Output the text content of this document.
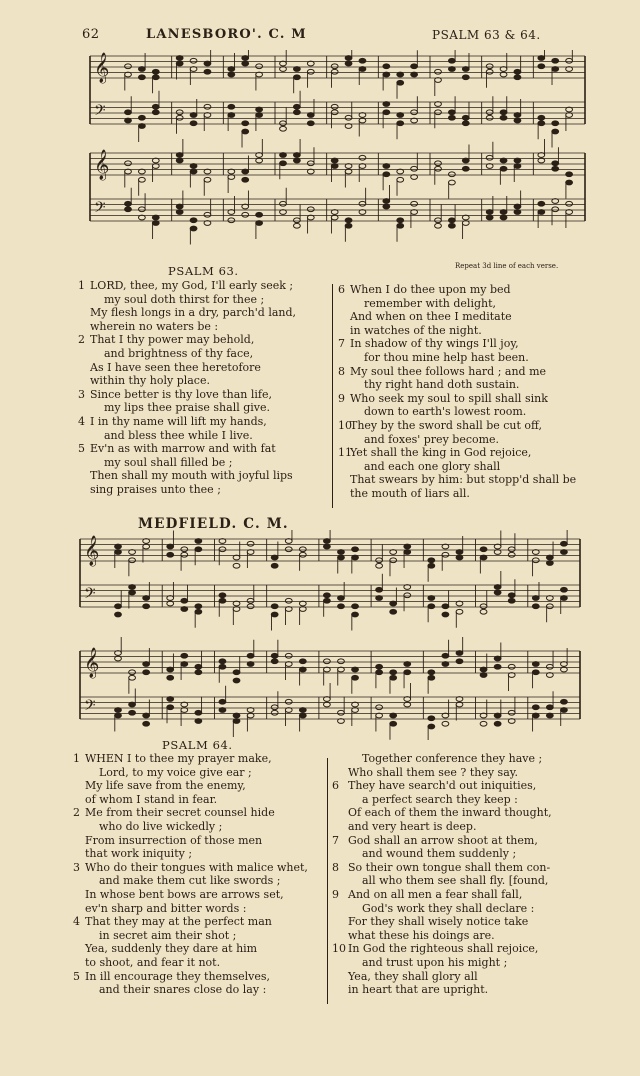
62	LANESBORO'. C. M	PSALM 63 & 64.
𝄞
𝄢
𝄞
𝄢
Repeat 3d line of each verse.
PSALM 63.
1 LORD, thee, my God, I'll early seek ;
my soul doth thirst for thee ;
My flesh longs in a dry, parch'd land,
wherein no waters be :
2 That I thy power may behold,
and brightness of thy face,
As I have seen thee heretofore
within thy holy place.
3 Since better is thy love than life,
my lips thee praise shall give.
4 I in thy name will lift my hands,
and bless thee while I live.
5 Ev'n as with marrow and with fat
my soul shall filled be ;
Then shall my mouth with joyful lips
sing praises unto thee ;
6 When I do thee upon my bed
remember with delight,
And when on thee I meditate
in watches of the night.
7 In shadow of thy wings I'll joy,
for thou mine help hast been.
8 My soul thee follows hard ; and me
thy right hand doth sustain.
9 Who seek my soul to spill shall sink
down to earth's lowest room.
10They by the sword shall be cut off,
and foxes' prey become.
11Yet shall the king in God rejoice,
and each one glory shall
That swears by him: but stopp'd shall be
the mouth of liars all.
MEDFIELD. C. M.
𝄞
𝄢
𝄞
𝄢
PSALM 64.
1 WHEN I to thee my prayer make,
Lord, to my voice give ear ;
My life save from the enemy,
of whom I stand in fear.
2 Me from their secret counsel hide
who do live wickedly ;
From insurrection of those men
that work iniquity ;
3 Who do their tongues with malice whet,
and make them cut like swords ;
In whose bent bows are arrows set,
ev'n sharp and bitter words :
4 That they may at the perfect man
in secret aim their shot ;
Yea, suddenly they dare at him
to shoot, and fear it not.
5 In ill encourage they themselves,
and their snares close do lay :
Together conference they have ;
Who shall them see ? they say.
6 They have search'd out iniquities,
a perfect search they keep :
Of each of them the inward thought,
and very heart is deep.
7 God shall an arrow shoot at them,
and wound them suddenly ;
8 So their own tongue shall them con-
all who them see shall fly. [found,
9 And on all men a fear shall fall,
God's work they shall declare :
For they shall wisely notice take
what these his doings are.
10 In God the righteous shall rejoice,
and trust upon his might ;
Yea, they shall glory all
in heart that are upright.
